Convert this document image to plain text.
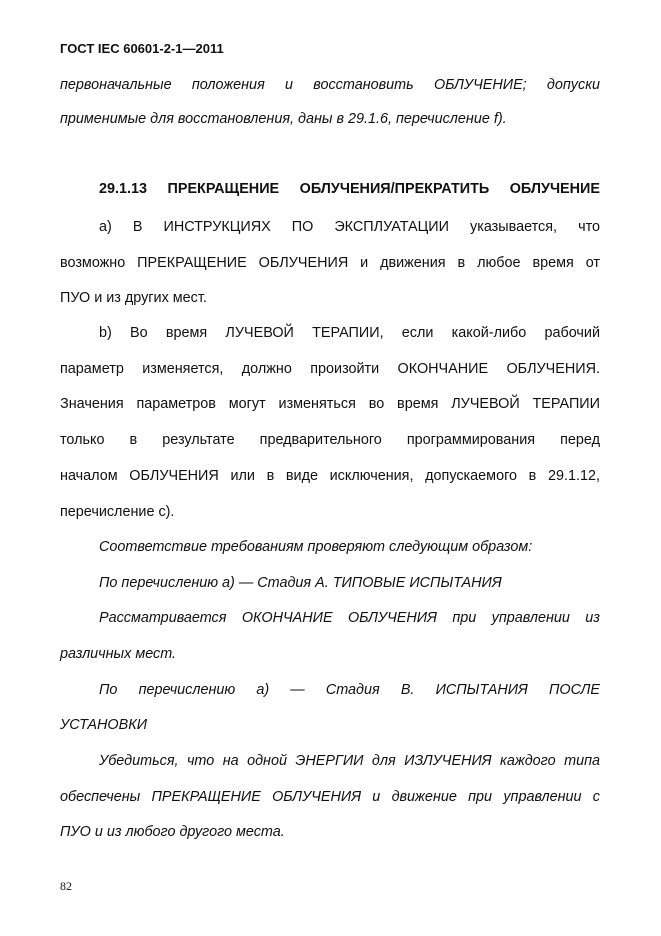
ГОСТ IEC 60601-2-1—2011
первоначальные положения и восстановить ОБЛУЧЕНИЕ; допуски
применимые для восстановления, даны в 29.1.6, перечисление f).
29.1.13 ПРЕКРАЩЕНИЕ ОБЛУЧЕНИЯ/ПРЕКРАТИТЬ ОБЛУЧЕНИЕ
a) В ИНСТРУКЦИЯХ ПО ЭКСПЛУАТАЦИИ указывается, что
возможно ПРЕКРАЩЕНИЕ ОБЛУЧЕНИЯ и движения в любое время от
ПУО и из других мест.
b) Во время ЛУЧЕВОЙ ТЕРАПИИ, если какой-либо рабочий
параметр изменяется, должно произойти ОКОНЧАНИЕ ОБЛУЧЕНИЯ.
Значения параметров могут изменяться во время ЛУЧЕВОЙ ТЕРАПИИ
только в результате предварительного программирования перед
началом ОБЛУЧЕНИЯ или в виде исключения, допускаемого в 29.1.12,
перечисление c).
Соответствие требованиям проверяют следующим образом:
По перечислению a) — Стадия А. ТИПОВЫЕ ИСПЫТАНИЯ
Рассматривается ОКОНЧАНИЕ ОБЛУЧЕНИЯ при управлении из
различных мест.
По перечислению a) — Стадия В. ИСПЫТАНИЯ ПОСЛЕ
УСТАНОВКИ
Убедиться, что на одной ЭНЕРГИИ для ИЗЛУЧЕНИЯ каждого типа
обеспечены ПРЕКРАЩЕНИЕ ОБЛУЧЕНИЯ и движение при управлении с
ПУО и из любого другого места.
82
